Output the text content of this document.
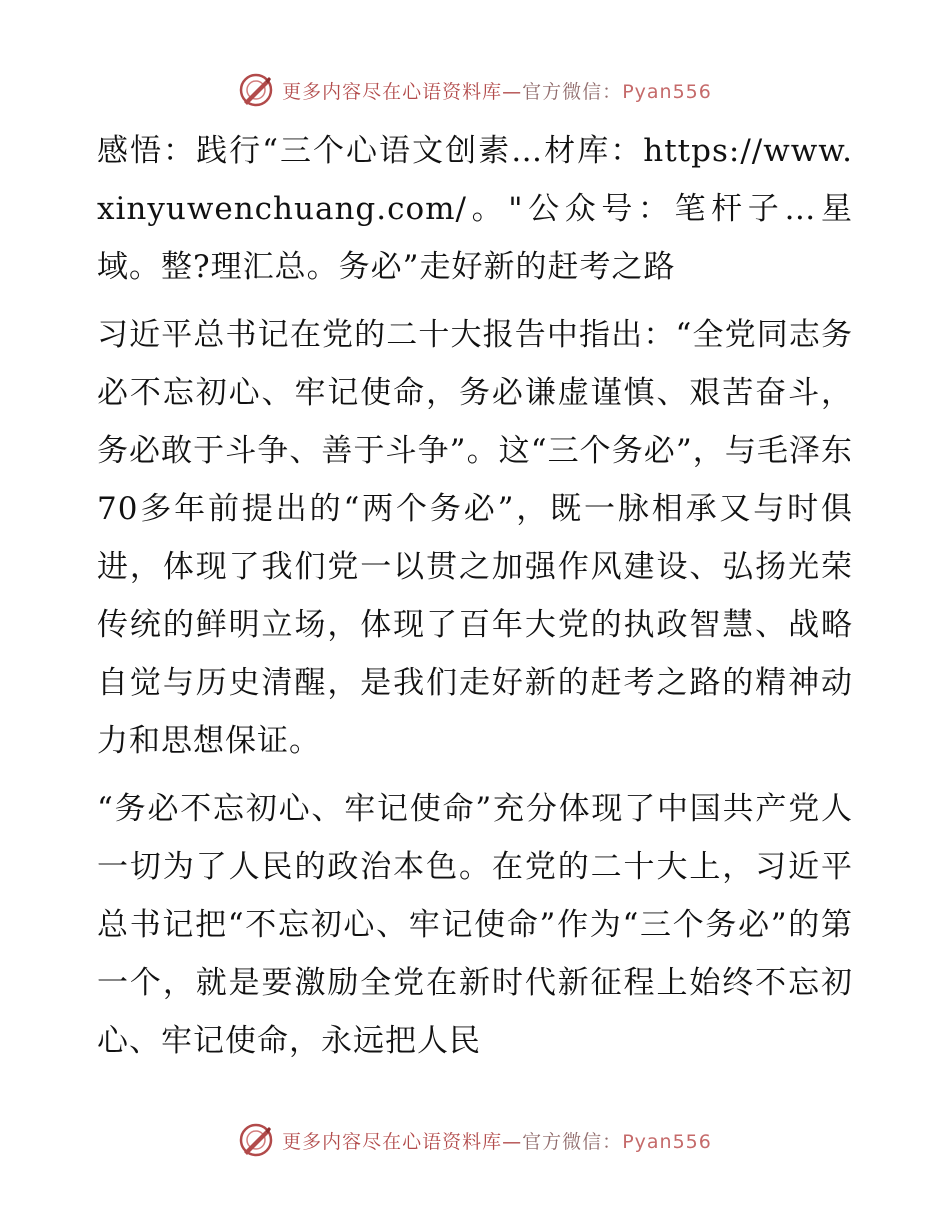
更多内容尽在心语资料库—官方微信：Pyan556

感悟：践行“三个心语文创素…材库：https://www.xinyuwenchuang.com/。"公众号：笔杆子…星域。整?理汇总。务必”走好新的赶考之路

习近平总书记在党的二十大报告中指出：“全党同志务必不忘初心、牢记使命，务必谦虚谨慎、艰苦奋斗，务必敢于斗争、善于斗争”。这“三个务必”，与毛泽东70多年前提出的“两个务必”，既一脉相承又与时俱进，体现了我们党一以贯之加强作风建设、弘扬光荣传统的鲜明立场，体现了百年大党的执政智慧、战略自觉与历史清醒，是我们走好新的赶考之路的精神动力和思想保证。

“务必不忘初心、牢记使命”充分体现了中国共产党人一切为了人民的政治本色。在党的二十大上，习近平总书记把“不忘初心、牢记使命”作为“三个务必”的第一个，就是要激励全党在新时代新征程上始终不忘初心、牢记使命，永远把人民

更多内容尽在心语资料库—官方微信：Pyan556
